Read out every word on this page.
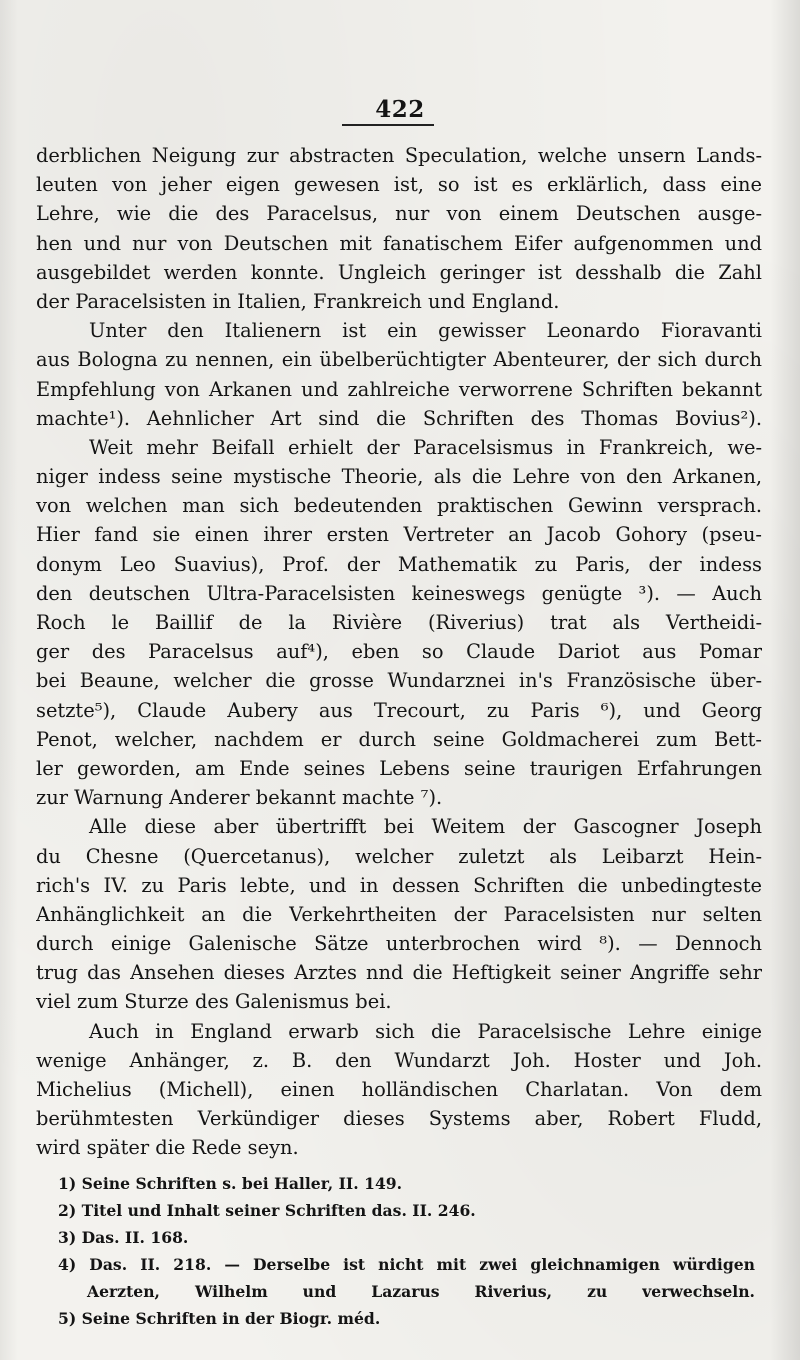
422
derblichen Neigung zur abstracten Speculation, welche unsern Lands-
leuten von jeher eigen gewesen ist, so ist es erklärlich, dass eine
Lehre, wie die des Paracelsus, nur von einem Deutschen ausge-
hen und nur von Deutschen mit fanatischem Eifer aufgenommen und
ausgebildet werden konnte. Ungleich geringer ist desshalb die Zahl
der Paracelsisten in Italien, Frankreich und England.
Unter den Italienern ist ein gewisser Leonardo Fioravanti
aus Bologna zu nennen, ein übelberüchtigter Abenteurer, der sich durch
Empfehlung von Arkanen und zahlreiche verworrene Schriften bekannt
machte¹). Aehnlicher Art sind die Schriften des Thomas Bovius²).
Weit mehr Beifall erhielt der Paracelsismus in Frankreich, we-
niger indess seine mystische Theorie, als die Lehre von den Arkanen,
von welchen man sich bedeutenden praktischen Gewinn versprach.
Hier fand sie einen ihrer ersten Vertreter an Jacob Gohory (pseu-
donym Leo Suavius), Prof. der Mathematik zu Paris, der indess
den deutschen Ultra-Paracelsisten keineswegs genügte ³). — Auch
Roch le Baillif de la Rivière (Riverius) trat als Vertheidi-
ger des Paracelsus auf⁴), eben so Claude Dariot aus Pomar
bei Beaune, welcher die grosse Wundarznei in's Französische über-
setzte⁵), Claude Aubery aus Trecourt, zu Paris ⁶), und Georg
Penot, welcher, nachdem er durch seine Goldmacherei zum Bett-
ler geworden, am Ende seines Lebens seine traurigen Erfahrungen
zur Warnung Anderer bekannt machte ⁷).
Alle diese aber übertrifft bei Weitem der Gascogner Joseph
du Chesne (Quercetanus), welcher zuletzt als Leibarzt Hein-
rich's IV. zu Paris lebte, und in dessen Schriften die unbedingteste
Anhänglichkeit an die Verkehrtheiten der Paracelsisten nur selten
durch einige Galenische Sätze unterbrochen wird ⁸). — Dennoch
trug das Ansehen dieses Arztes nnd die Heftigkeit seiner Angriffe sehr
viel zum Sturze des Galenismus bei.
Auch in England erwarb sich die Paracelsische Lehre einige
wenige Anhänger, z. B. den Wundarzt Joh. Hoster und Joh.
Michelius (Michell), einen holländischen Charlatan. Von dem
berühmtesten Verkündiger dieses Systems aber, Robert Fludd,
wird später die Rede seyn.
1) Seine Schriften s. bei Haller, II. 149.
2) Titel und Inhalt seiner Schriften das. II. 246.
3) Das. II. 168.
4) Das. II. 218. — Derselbe ist nicht mit zwei gleichnamigen würdigen
Aerzten, Wilhelm und Lazarus Riverius, zu verwechseln.
5) Seine Schriften in der Biogr. méd.
